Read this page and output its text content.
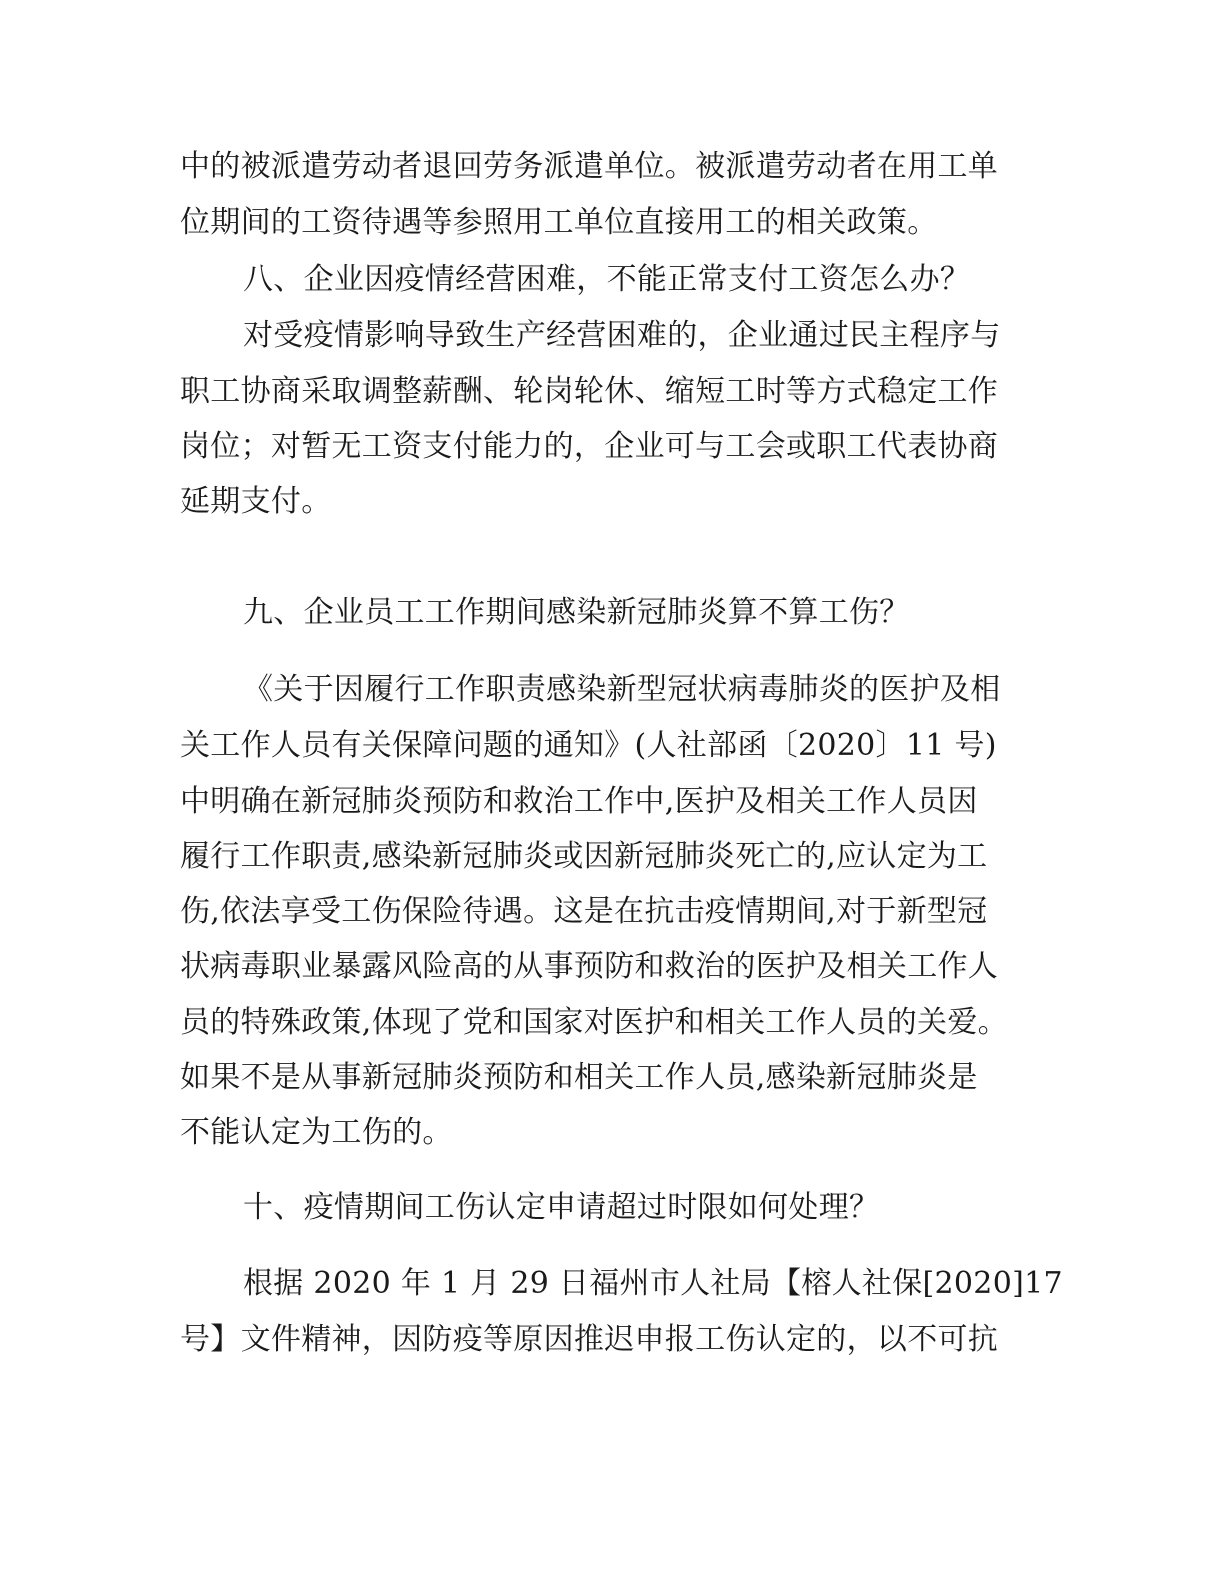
中的被派遣劳动者退回劳务派遣单位。被派遣劳动者在用工单
位期间的工资待遇等参照用工单位直接用工的相关政策。
八、企业因疫情经营困难，不能正常支付工资怎么办？
对受疫情影响导致生产经营困难的，企业通过民主程序与
职工协商采取调整薪酬、轮岗轮休、缩短工时等方式稳定工作
岗位；对暂无工资支付能力的，企业可与工会或职工代表协商
延期支付。
九、企业员工工作期间感染新冠肺炎算不算工伤？
《关于因履行工作职责感染新型冠状病毒肺炎的医护及相
关工作人员有关保障问题的通知》(人社部函〔2020〕11 号)
中明确在新冠肺炎预防和救治工作中,医护及相关工作人员因
履行工作职责,感染新冠肺炎或因新冠肺炎死亡的,应认定为工
伤,依法享受工伤保险待遇。这是在抗击疫情期间,对于新型冠
状病毒职业暴露风险高的从事预防和救治的医护及相关工作人
员的特殊政策,体现了党和国家对医护和相关工作人员的关爱。
如果不是从事新冠肺炎预防和相关工作人员,感染新冠肺炎是
不能认定为工伤的。
十、疫情期间工伤认定申请超过时限如何处理？
根据 2020 年 1 月 29 日福州市人社局【榕人社保[2020]17
号】文件精神，因防疫等原因推迟申报工伤认定的，以不可抗
